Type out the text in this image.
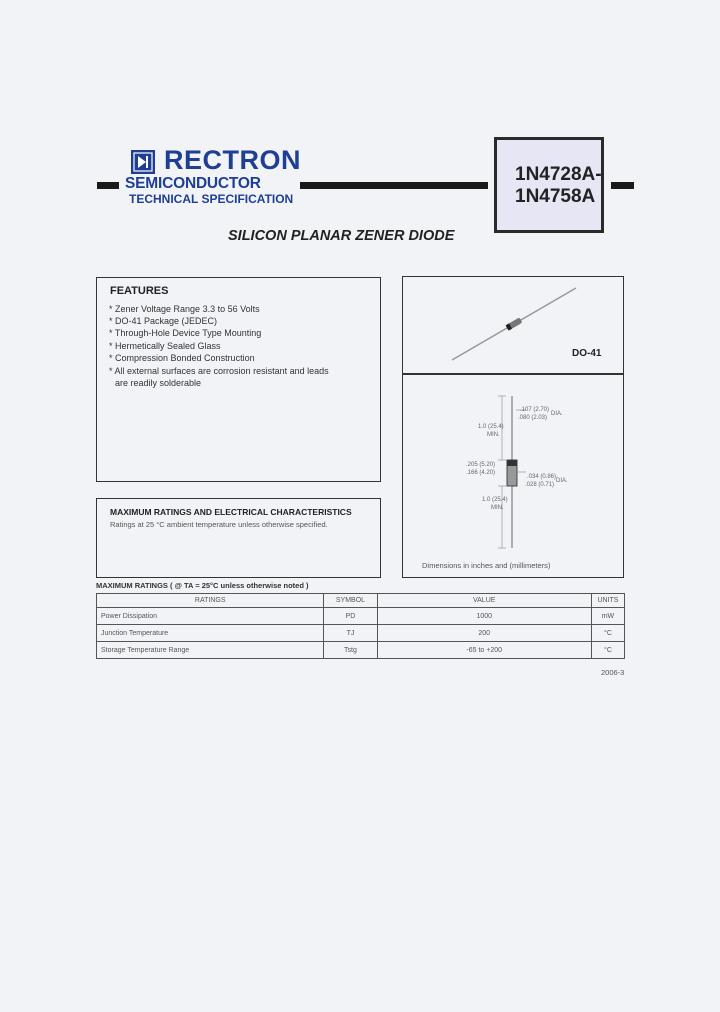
RECTRON
SEMICONDUCTOR
TECHNICAL SPECIFICATION
1N4728A-
1N4758A
SILICON PLANAR ZENER DIODE
FEATURES
* Zener Voltage Range 3.3 to 56 Volts
* DO-41 Package (JEDEC)
* Through-Hole Device Type Mounting
* Hermetically Sealed Glass
* Compression Bonded Construction
* All external surfaces are corrosion resistant and leads
are readily solderable
MAXIMUM RATINGS AND ELECTRICAL CHARACTERISTICS
Ratings at 25 °C ambient temperature unless otherwise specified.
DO-41
.107 (2.70)
.080 (2.03)
DIA.
1.0 (25.4)
MIN.
.205 (5.20)
.166 (4.20)
.034 (0.86)
.028 (0.71)
DIA.
1.0 (25.4)
MIN.
Dimensions in inches and (millimeters)
MAXIMUM RATINGS ( @ TA = 25°C unless otherwise noted )
RATINGS	SYMBOL	VALUE	UNITS
Power Dissipation	PD	1000	mW
Junction Temperature	TJ	200	°C
Storage Temperature Range	Tstg	-65 to +200	°C
2006-3
